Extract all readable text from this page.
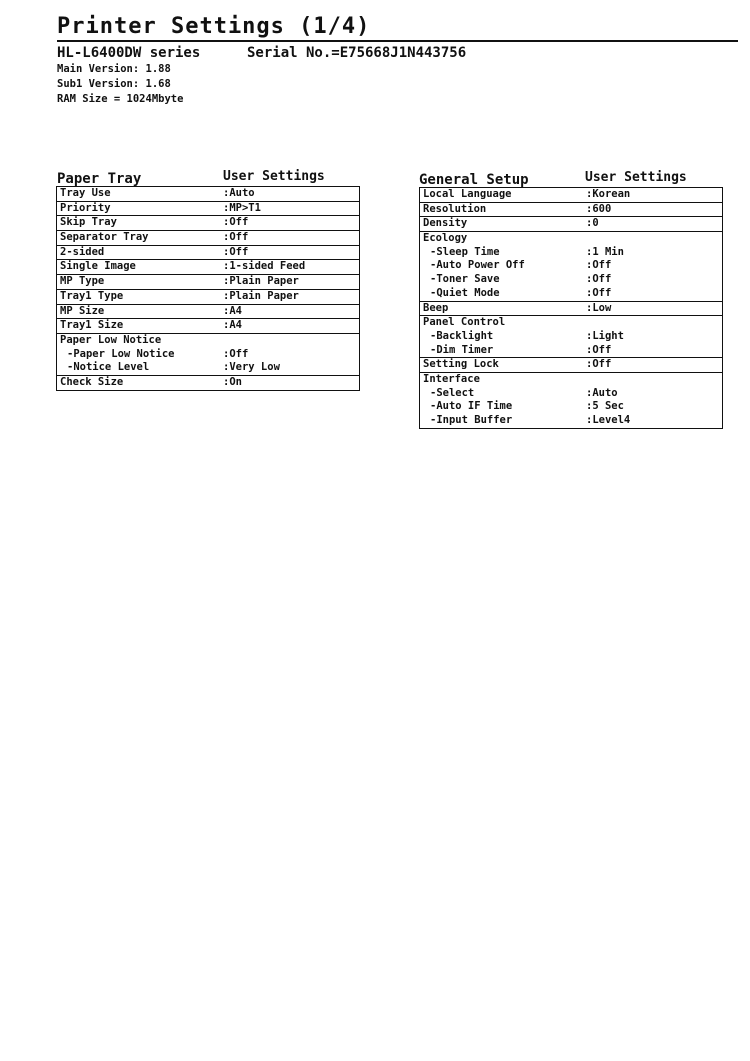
Printer Settings (1/4)
HL-L6400DW series	Serial No.=E75668J1N443756
Main Version: 1.88
Sub1 Version: 1.68
RAM Size = 1024Mbyte
Paper Tray	User Settings
Tray Use	:Auto
Priority	:MP>T1
Skip Tray	:Off
Separator Tray	:Off
2-sided	:Off
Single Image	:1-sided Feed
MP Type	:Plain Paper
Tray1 Type	:Plain Paper
MP Size	:A4
Tray1 Size	:A4
Paper Low Notice
-Paper Low Notice	:Off
-Notice Level	:Very Low
Check Size	:On
General Setup	User Settings
Local Language	:Korean
Resolution	:600
Density	:0
Ecology
-Sleep Time	:1 Min
-Auto Power Off	:Off
-Toner Save	:Off
-Quiet Mode	:Off
Beep	:Low
Panel Control
-Backlight	:Light
-Dim Timer	:Off
Setting Lock	:Off
Interface
-Select	:Auto
-Auto IF Time	:5 Sec
-Input Buffer	:Level4
